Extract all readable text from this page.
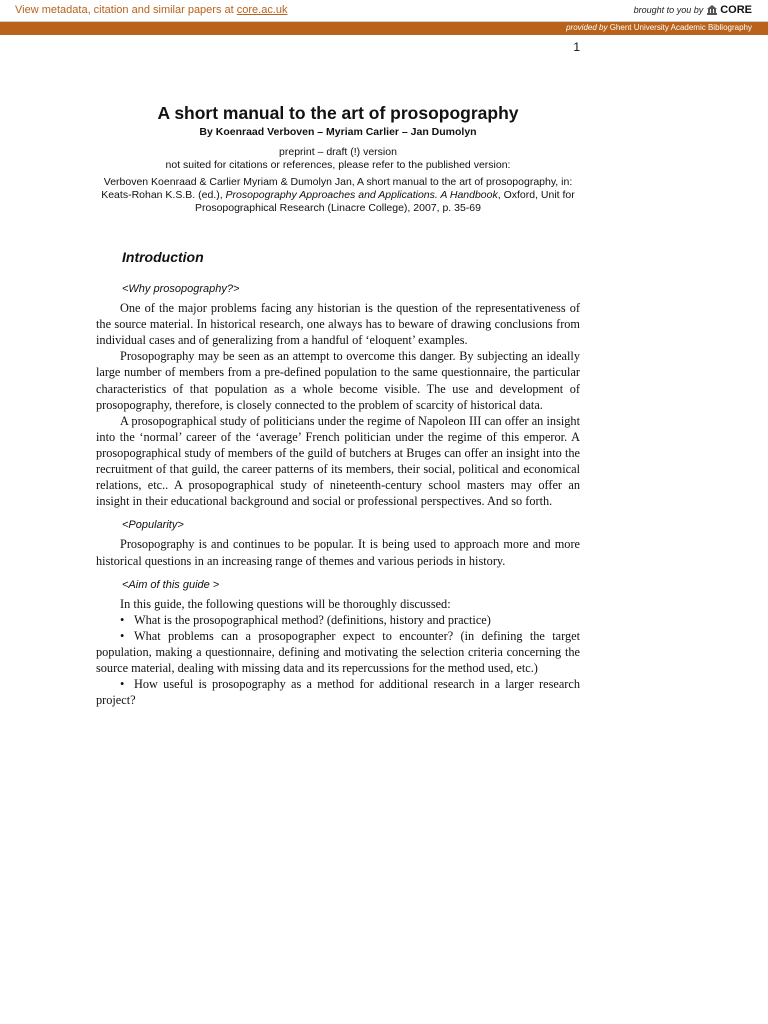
View metadata, citation and similar papers at core.ac.uk	brought to you by CORE
provided by Ghent University Academic Bibliography
1
A short manual to the art of prosopography
By Koenraad Verboven – Myriam Carlier – Jan Dumolyn
preprint – draft (!) version
not suited for citations or references, please refer to the published version:
Verboven Koenraad & Carlier Myriam & Dumolyn Jan, A short manual to the art of prosopography, in: Keats-Rohan K.S.B. (ed.), Prosopography Approaches and Applications. A Handbook, Oxford, Unit for Prosopographical Research (Linacre College), 2007, p. 35-69
Introduction

<Why prosopography?>

One of the major problems facing any historian is the question of the representativeness of the source material. In historical research, one always has to beware of drawing conclusions from individual cases and of generalizing from a handful of ‘eloquent’ examples.

Prosopography may be seen as an attempt to overcome this danger. By subjecting an ideally large number of members from a pre-defined population to the same questionnaire, the particular characteristics of that population as a whole become visible. The use and development of prosopography, therefore, is closely connected to the problem of scarcity of historical data.

A prosopographical study of politicians under the regime of Napoleon III can offer an insight into the ‘normal’ career of the ‘average’ French politician under the regime of this emperor. A prosopographical study of members of the guild of butchers at Bruges can offer an insight into the recruitment of that guild, the career patterns of its members, their social, political and economical relations, etc.. A prosopographical study of nineteenth-century school masters may offer an insight in their educational background and social or professional perspectives. And so forth.

<Popularity>

Prosopography is and continues to be popular. It is being used to approach more and more historical questions in an increasing range of themes and various periods in history.

<Aim of this guide >

In this guide, the following questions will be thoroughly discussed:

• What is the prosopographical method? (definitions, history and practice)

• What problems can a prosopographer expect to encounter? (in defining the target population, making a questionnaire, defining and motivating the selection criteria concerning the source material, dealing with missing data and its repercussions for the method used, etc.)

• How useful is prosopography as a method for additional research in a larger research project?
